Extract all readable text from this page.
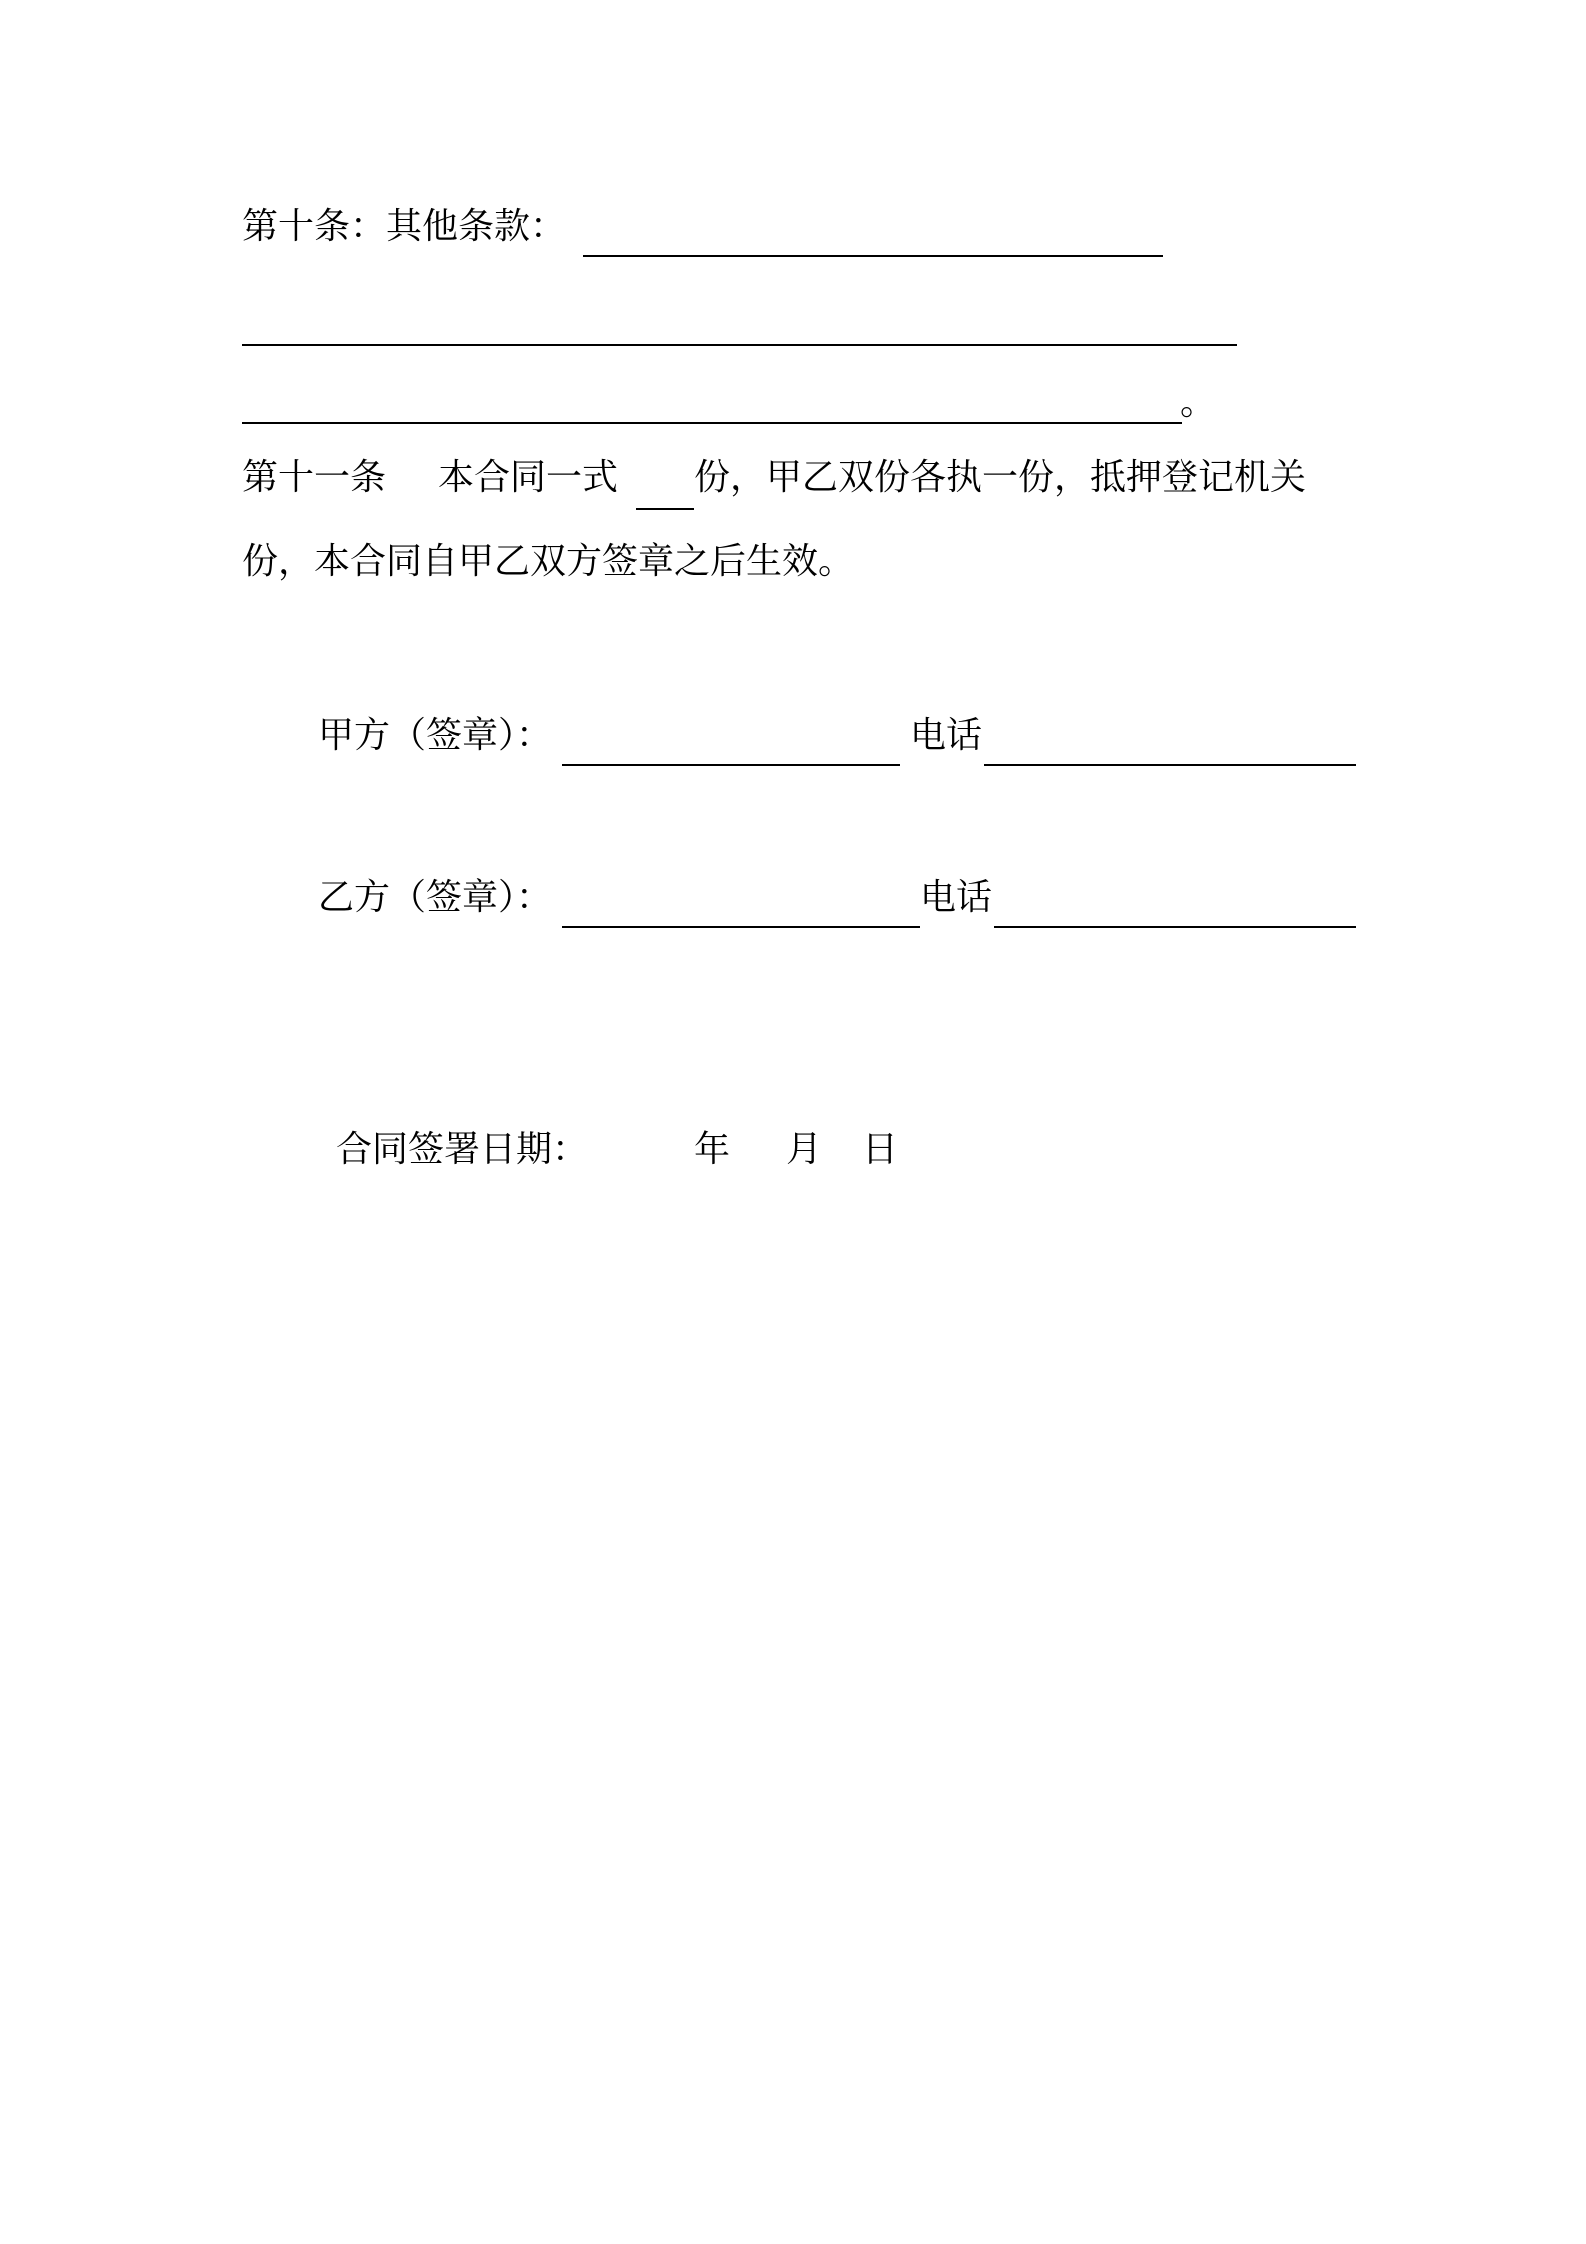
第十条：其他条款：
。
第十一条 本合同一式 份，甲乙双份各执一份，抵押登记机关
份，本合同自甲乙双方签章之后生效。
甲方（签章）：	电话
乙方（签章）：	电话
合同签署日期：	年 月 日
